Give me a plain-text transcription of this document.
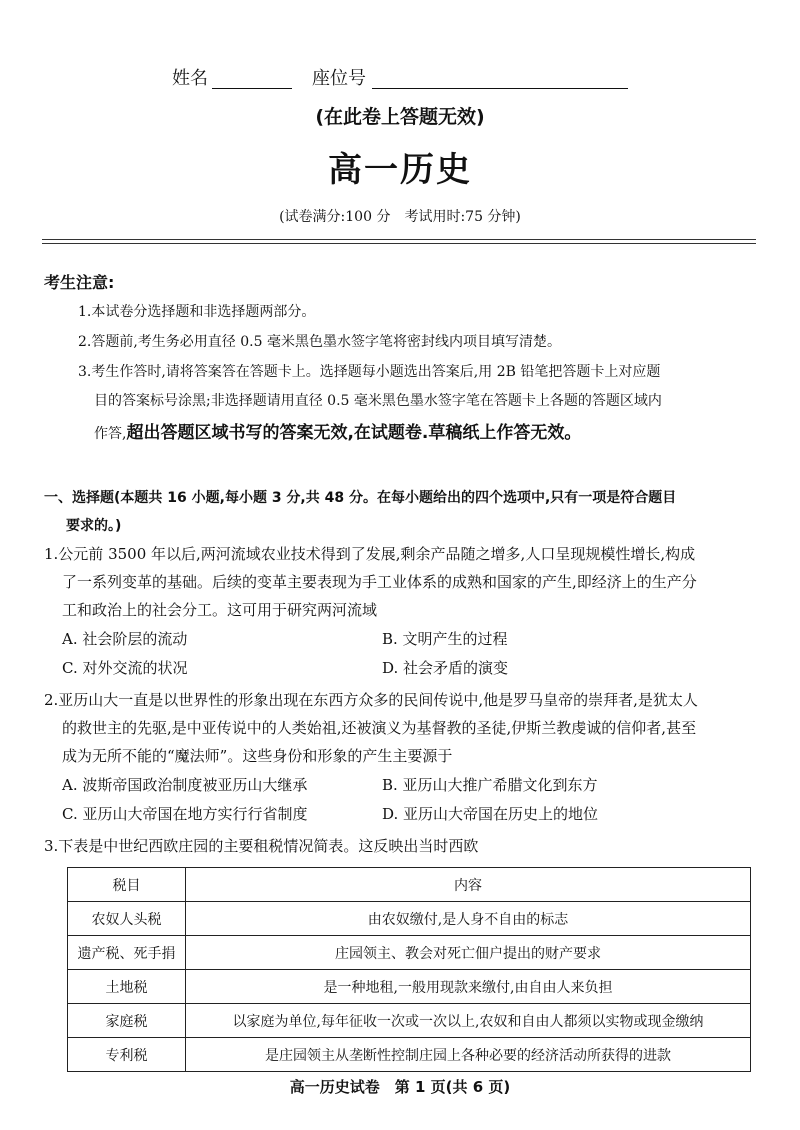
姓名	座位号
(在此卷上答题无效)
高一历史
(试卷满分:100 分　考试用时:75 分钟)
考生注意:
1.本试卷分选择题和非选择题两部分。
2.答题前,考生务必用直径 0.5 毫米黑色墨水签字笔将密封线内项目填写清楚。
3.考生作答时,请将答案答在答题卡上。选择题每小题选出答案后,用 2B 铅笔把答题卡上对应题
目的答案标号涂黑;非选择题请用直径 0.5 毫米黑色墨水签字笔在答题卡上各题的答题区域内
作答,超出答题区域书写的答案无效,在试题卷.草稿纸上作答无效。
一、选择题(本题共 16 小题,每小题 3 分,共 48 分。在每小题给出的四个选项中,只有一项是符合题目
要求的。)
1.公元前 3500 年以后,两河流域农业技术得到了发展,剩余产品随之增多,人口呈现规模性增长,构成
了一系列变革的基础。后续的变革主要表现为手工业体系的成熟和国家的产生,即经济上的生产分
工和政治上的社会分工。这可用于研究两河流域
A. 社会阶层的流动	B. 文明产生的过程
C. 对外交流的状况	D. 社会矛盾的演变
2.亚历山大一直是以世界性的形象出现在东西方众多的民间传说中,他是罗马皇帝的崇拜者,是犹太人
的救世主的先驱,是中亚传说中的人类始祖,还被演义为基督教的圣徒,伊斯兰教虔诚的信仰者,甚至
成为无所不能的“魔法师”。这些身份和形象的产生主要源于
A. 波斯帝国政治制度被亚历山大继承	B. 亚历山大推广希腊文化到东方
C. 亚历山大帝国在地方实行行省制度	D. 亚历山大帝国在历史上的地位
3.下表是中世纪西欧庄园的主要租税情况简表。这反映出当时西欧
税目	内容
农奴人头税	由农奴缴付,是人身不自由的标志
遗产税、死手捐	庄园领主、教会对死亡佃户提出的财产要求
土地税	是一种地租,一般用现款来缴付,由自由人来负担
家庭税	以家庭为单位,每年征收一次或一次以上,农奴和自由人都须以实物或现金缴纳
专利税	是庄园领主从垄断性控制庄园上各种必要的经济活动所获得的进款
高一历史试卷　第 1 页(共 6 页)
